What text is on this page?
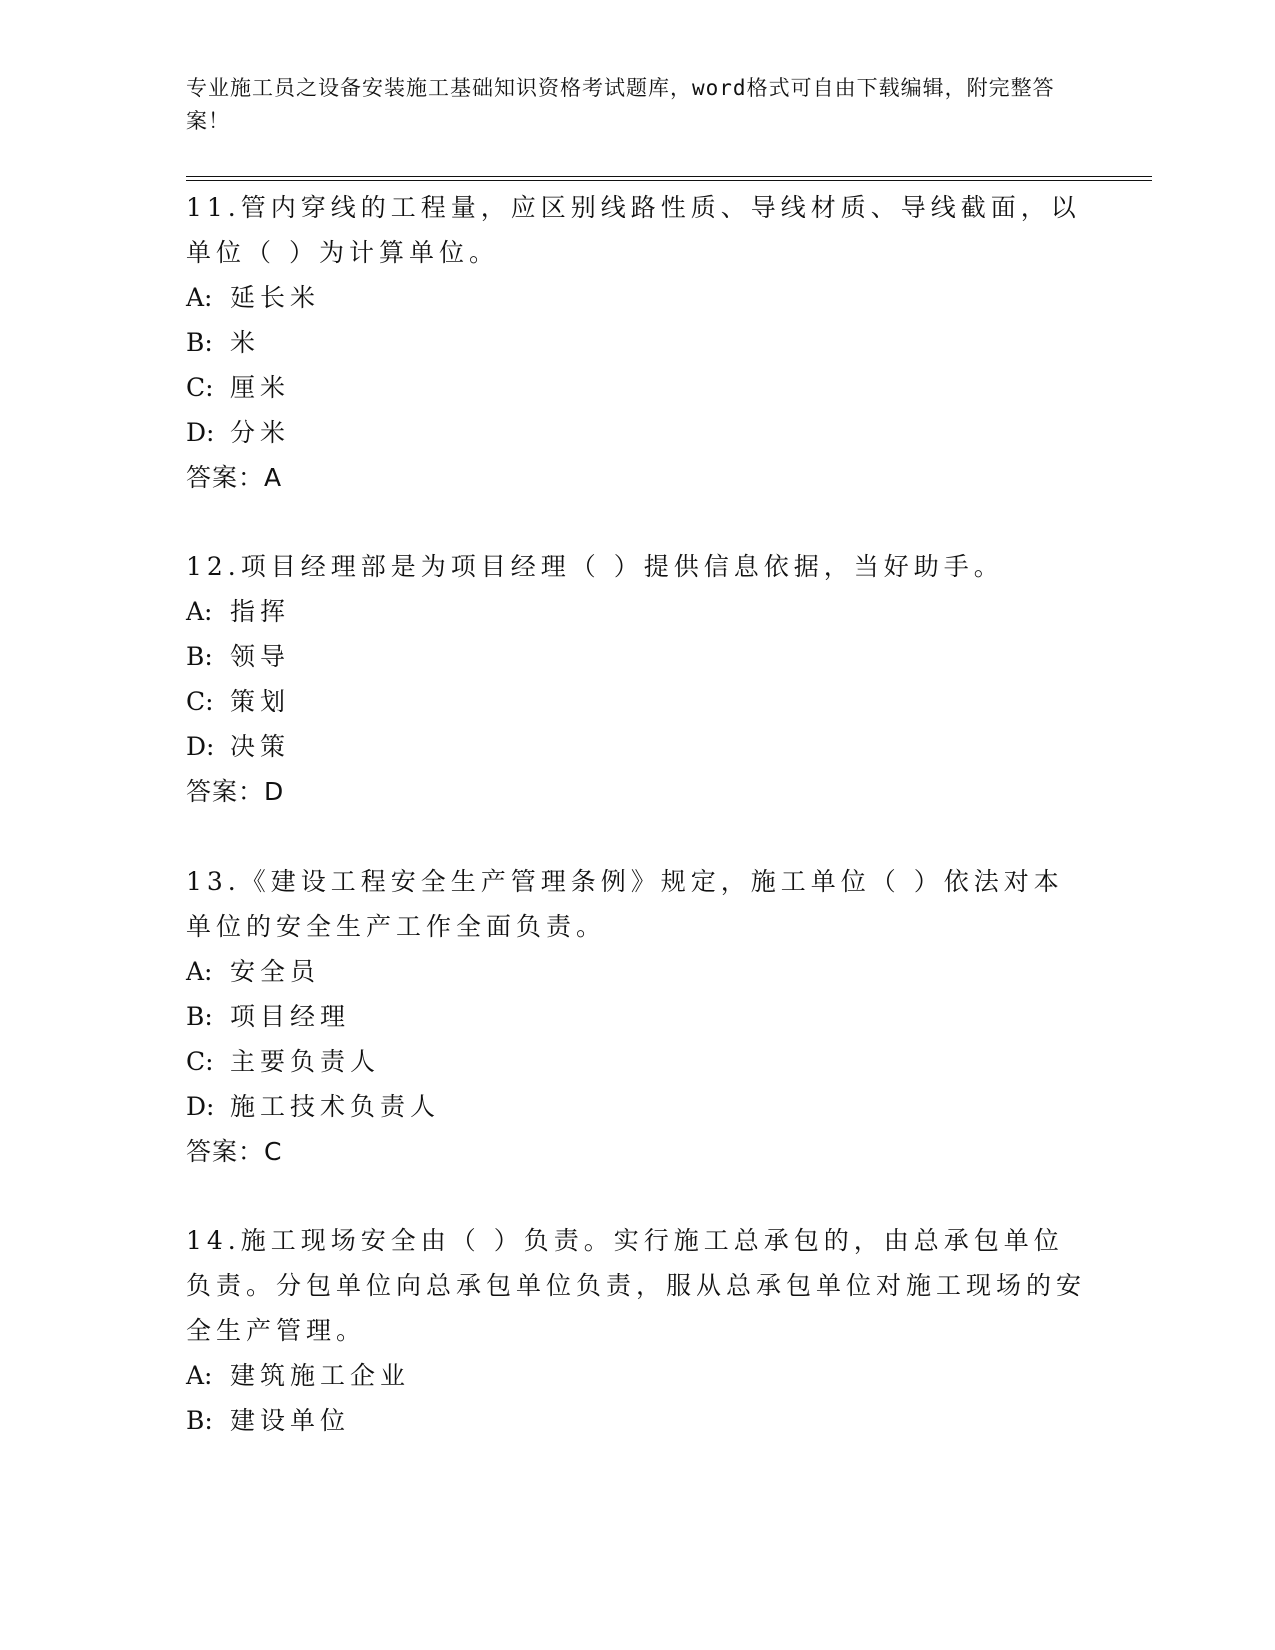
专业施工员之设备安装施工基础知识资格考试题库，word格式可自由下载编辑，附完整答案！

11.管内穿线的工程量，应区别线路性质、导线材质、导线截面，以单位（ ）为计算单位。

A: 延长米

B: 米

C: 厘米

D: 分米

答案：A

12.项目经理部是为项目经理（ ）提供信息依据，当好助手。

A: 指挥

B: 领导

C: 策划

D: 决策

答案：D

13.《建设工程安全生产管理条例》规定，施工单位（ ）依法对本单位的安全生产工作全面负责。

A: 安全员

B: 项目经理

C: 主要负责人

D: 施工技术负责人

答案：C

14.施工现场安全由（ ）负责。实行施工总承包的，由总承包单位负责。分包单位向总承包单位负责，服从总承包单位对施工现场的安全生产管理。

A: 建筑施工企业

B: 建设单位
